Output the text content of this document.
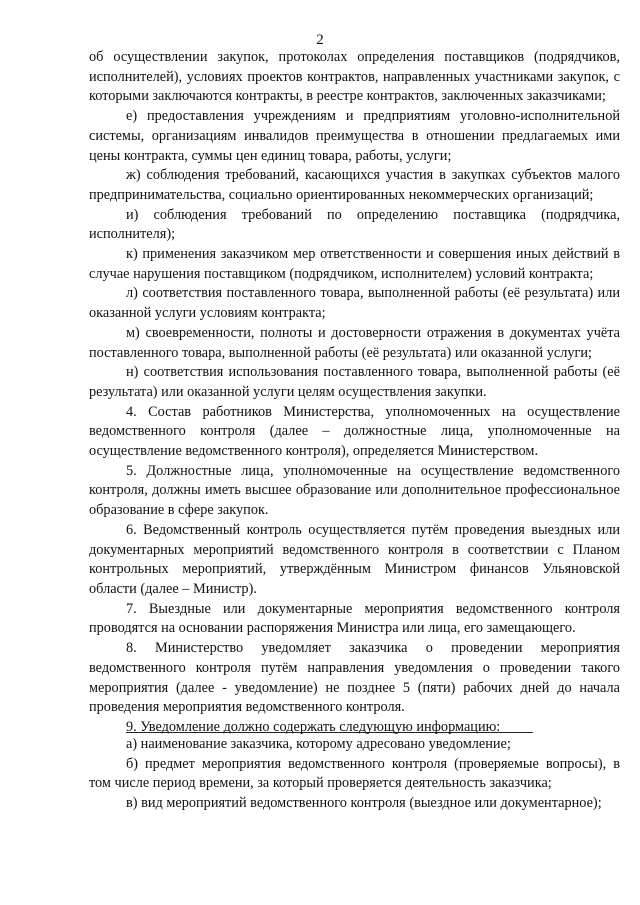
2

об осуществлении закупок, протоколах определения поставщиков (подрядчиков, исполнителей), условиях проектов контрактов, направленных участниками закупок, с которыми заключаются контракты, в реестре контрактов, заключенных заказчиками;

е) предоставления учреждениям и предприятиям уголовно-исполнительной системы, организациям инвалидов преимущества в отношении предлагаемых ими цены контракта, суммы цен единиц товара, работы, услуги;

ж) соблюдения требований, касающихся участия в закупках субъектов малого предпринимательства, социально ориентированных некоммерческих организаций;

и) соблюдения требований по определению поставщика (подрядчика, исполнителя);

к) применения заказчиком мер ответственности и совершения иных действий в случае нарушения поставщиком (подрядчиком, исполнителем) условий контракта;

л) соответствия поставленного товара, выполненной работы (её результата) или оказанной услуги условиям контракта;

м) своевременности, полноты и достоверности отражения в документах учёта поставленного товара, выполненной работы (её результата) или оказанной услуги;

н) соответствия использования поставленного товара, выполненной работы (её результата) или оказанной услуги целям осуществления закупки.

4. Состав работников Министерства, уполномоченных на осуществление ведомственного контроля (далее – должностные лица, уполномоченные на осуществление ведомственного контроля), определяется Министерством.

5. Должностные лица, уполномоченные на осуществление ведомственного контроля, должны иметь высшее образование или дополнительное профессиональное образование в сфере закупок.

6. Ведомственный контроль осуществляется путём проведения выездных или документарных мероприятий ведомственного контроля в соответствии с Планом контрольных мероприятий, утверждённым Министром финансов Ульяновской области (далее – Министр).

7. Выездные или документарные мероприятия ведомственного контроля проводятся на основании распоряжения Министра или лица, его замещающего.

8. Министерство уведомляет заказчика о проведении мероприятия ведомственного контроля путём направления уведомления о проведении такого мероприятия (далее - уведомление) не позднее 5 (пяти) рабочих дней до начала проведения мероприятия ведомственного контроля.

9. Уведомление должно содержать следующую информацию:

а) наименование заказчика, которому адресовано уведомление;

б) предмет мероприятия ведомственного контроля (проверяемые вопросы), в том числе период времени, за который проверяется деятельность заказчика;

в) вид мероприятий ведомственного контроля (выездное или документарное);
